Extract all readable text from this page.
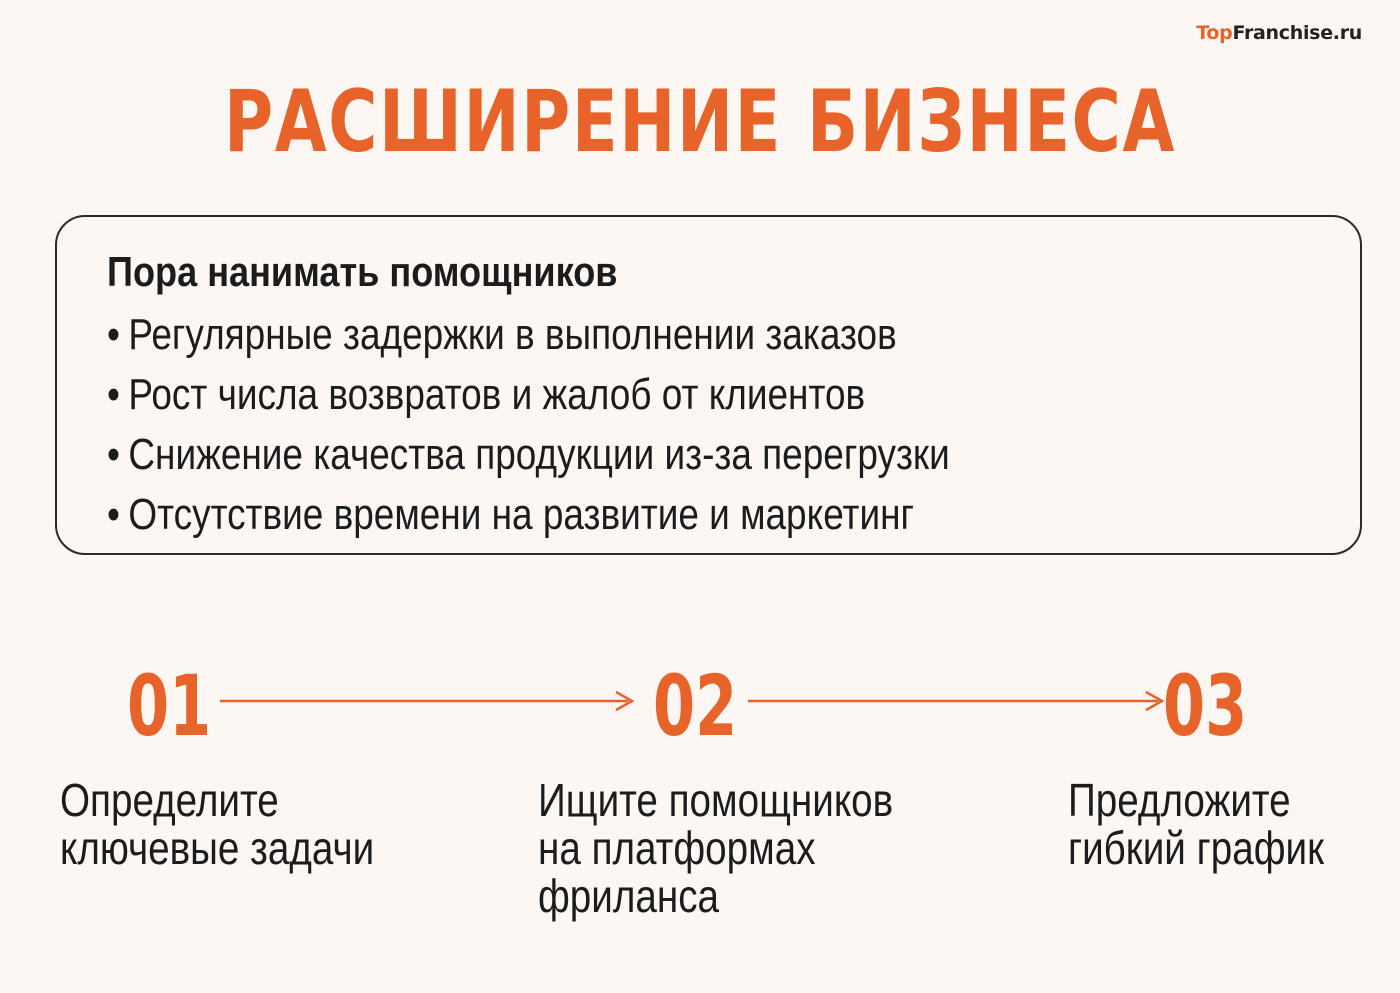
TopFranchise.ru
РАСШИРЕНИЕ БИЗНЕСА
Пора нанимать помощников
• Регулярные задержки в выполнении заказов
• Рост числа возвратов и жалоб от клиентов
• Снижение качества продукции из-за перегрузки
• Отсутствие времени на развитие и маркетинг
01	02	03
Определите
ключевые задачи
Ищите помощников
на платформах
фриланса
Предложите
гибкий график
